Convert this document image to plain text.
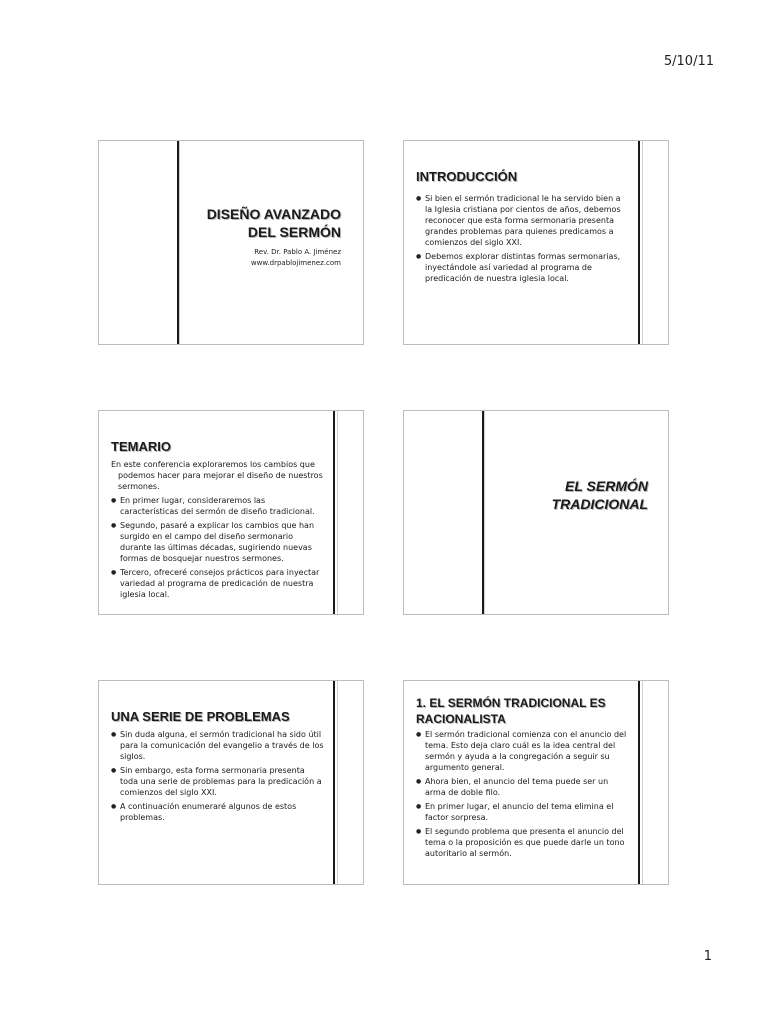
5/10/11
DISEÑO AVANZADO
DEL SERMÓN
Rev. Dr. Pablo A. Jiménez
www.drpablojimenez.com
INTRODUCCIÓN
● Si bien el sermón tradicional le ha servido bien a la Iglesia cristiana por cientos de años, debemos reconocer que esta forma sermonaria presenta grandes problemas para quienes predicamos a comienzos del siglo XXI.
● Debemos explorar distintas formas sermonarias, inyectándole así variedad al programa de predicación de nuestra iglesia local.
TEMARIO
En este conferencia exploraremos los cambios que podemos hacer para mejorar el diseño de nuestros sermones.
● En primer lugar, consideraremos las características del sermón de diseño tradicional.
● Segundo, pasaré a explicar los cambios que han surgido en el campo del diseño sermonario durante las últimas décadas, sugiriendo nuevas formas de bosquejar nuestros sermones.
● Tercero, ofreceré consejos prácticos para inyectar variedad al programa de predicación de nuestra iglesia local.
EL SERMÓN
TRADICIONAL
UNA SERIE DE PROBLEMAS
● Sin duda alguna, el sermón tradicional ha sido útil para la comunicación del evangelio a través de los siglos.
● Sin embargo, esta forma sermonaria presenta toda una serie de problemas para la predicación a comienzos del siglo XXI.
● A continuación enumeraré algunos de estos problemas.
1. EL SERMÓN TRADICIONAL ES
RACIONALISTA
● El sermón tradicional comienza con el anuncio del tema. Esto deja claro cuál es la idea central del sermón y ayuda a la congregación a seguir su argumento general.
● Ahora bien, el anuncio del tema puede ser un arma de doble filo.
● En primer lugar, el anuncio del tema elimina el factor sorpresa.
● El segundo problema que presenta el anuncio del tema o la proposición es que puede darle un tono autoritario al sermón.
1
